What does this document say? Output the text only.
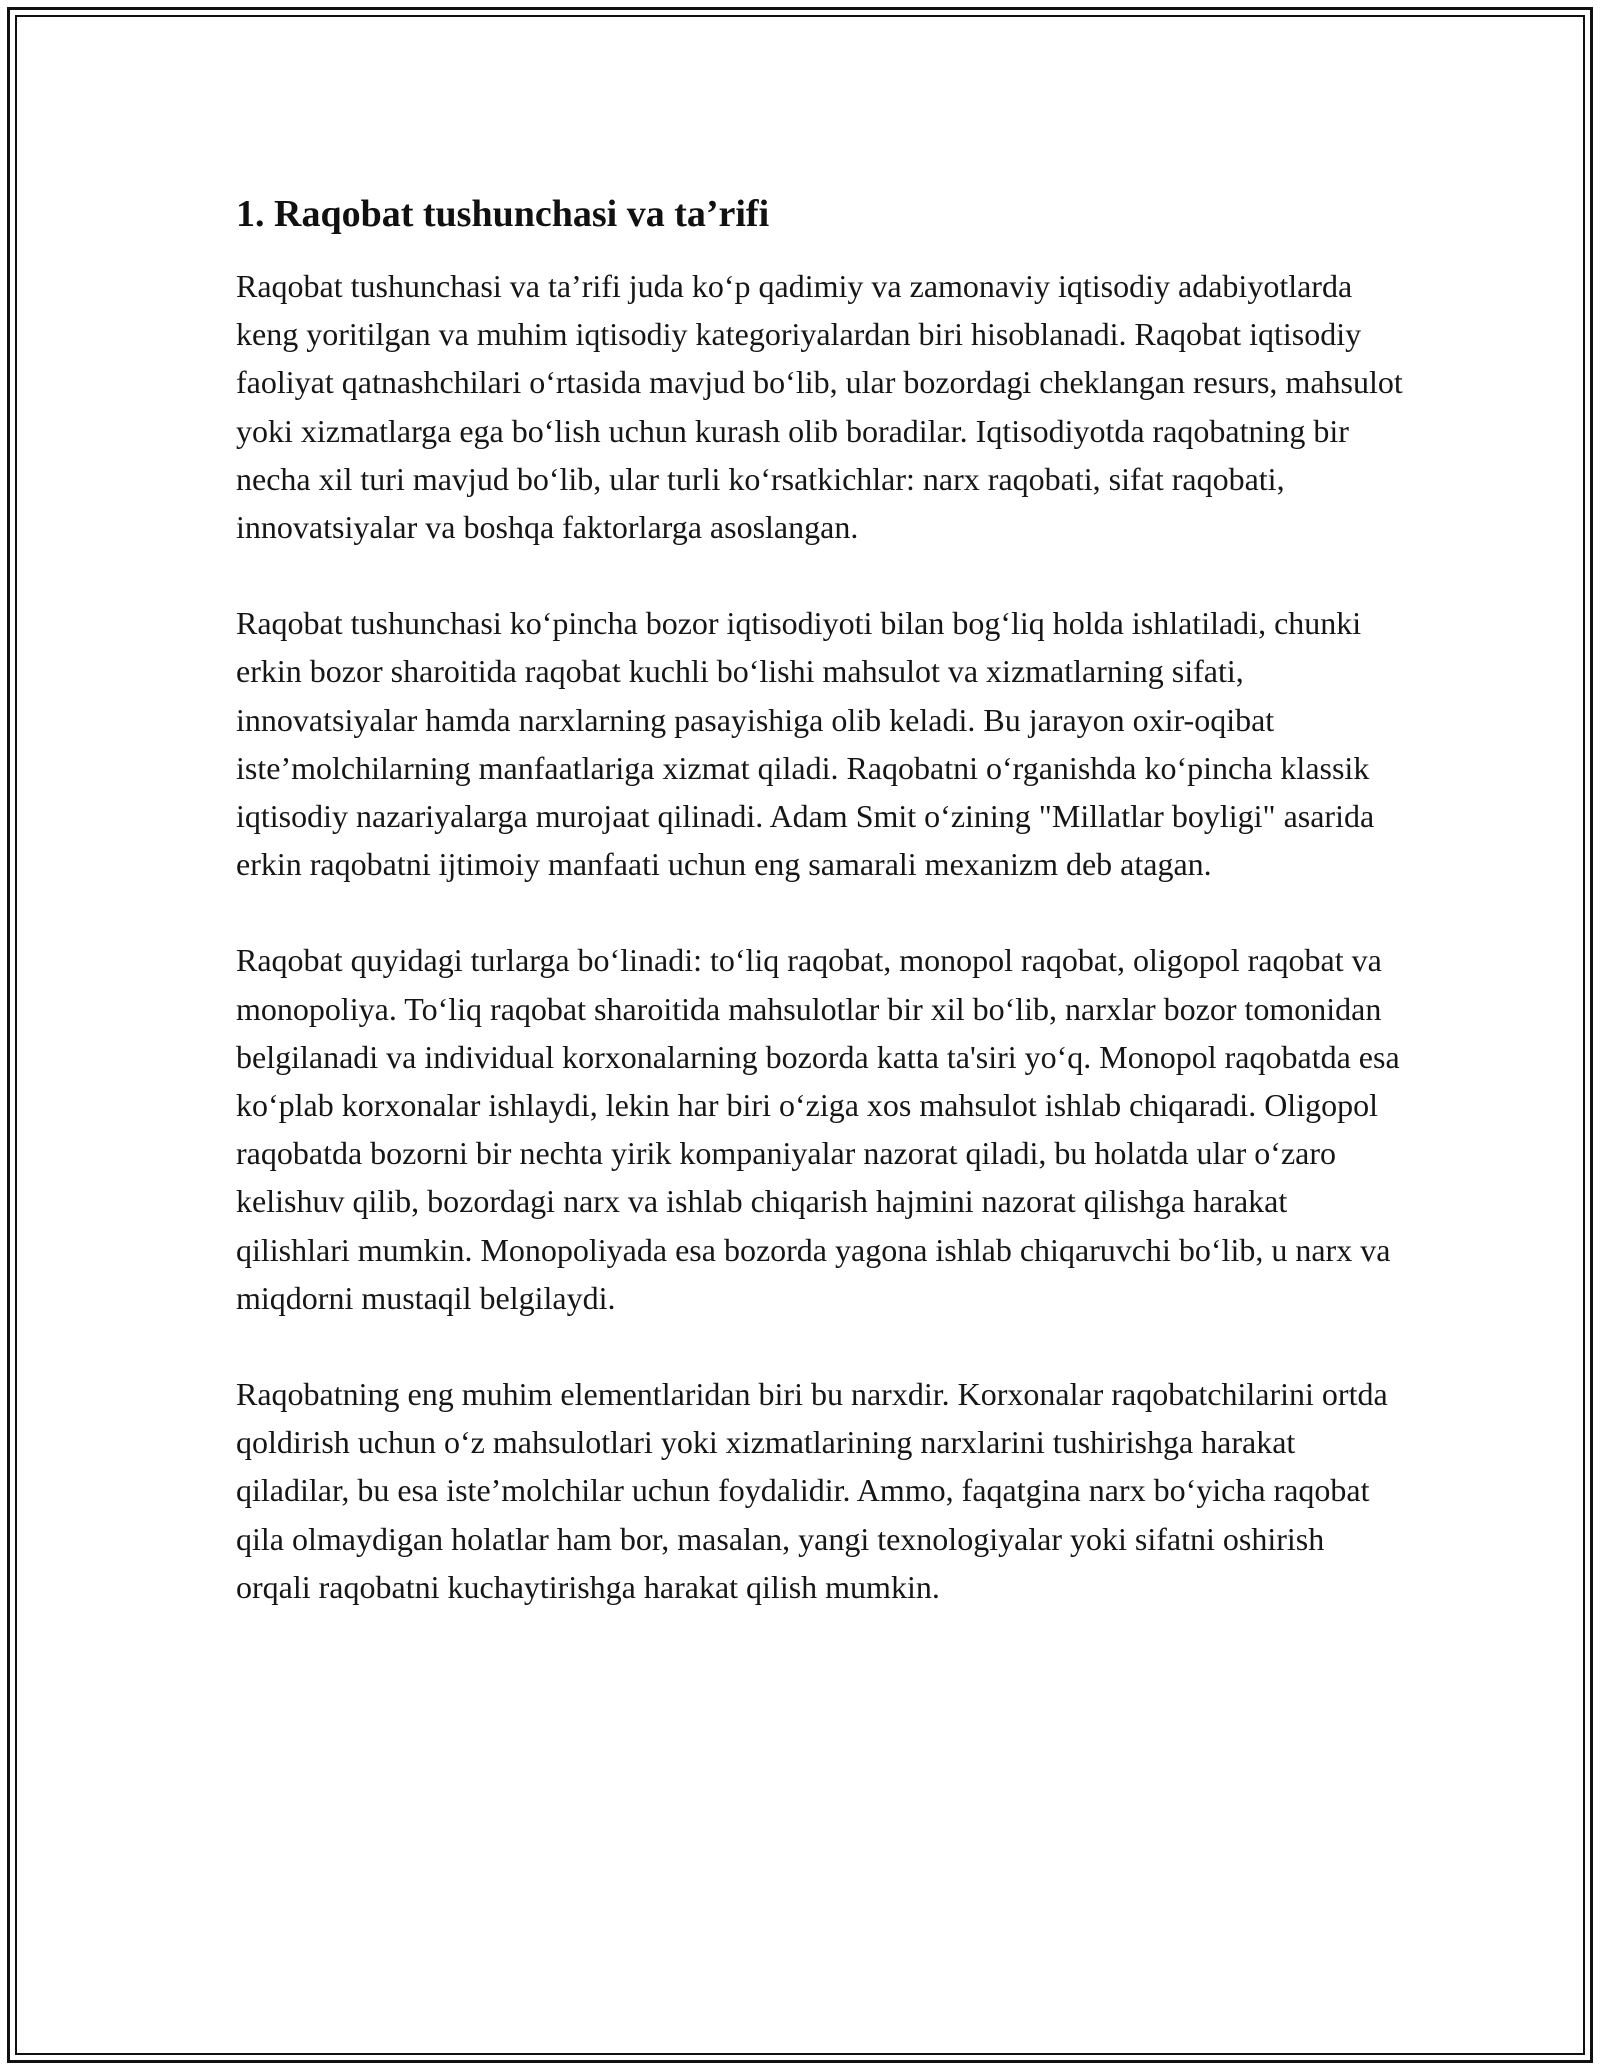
1. Raqobat tushunchasi va ta’rifi

Raqobat tushunchasi va ta’rifi juda ko‘p qadimiy va zamonaviy iqtisodiy adabiyotlarda keng yoritilgan va muhim iqtisodiy kategoriyalardan biri hisoblanadi. Raqobat iqtisodiy faoliyat qatnashchilari o‘rtasida mavjud bo‘lib, ular bozordagi cheklangan resurs, mahsulot yoki xizmatlarga ega bo‘lish uchun kurash olib boradilar. Iqtisodiyotda raqobatning bir necha xil turi mavjud bo‘lib, ular turli ko‘rsatkichlar: narx raqobati, sifat raqobati, innovatsiyalar va boshqa faktorlarga asoslangan.

Raqobat tushunchasi ko‘pincha bozor iqtisodiyoti bilan bog‘liq holda ishlatiladi, chunki erkin bozor sharoitida raqobat kuchli bo‘lishi mahsulot va xizmatlarning sifati, innovatsiyalar hamda narxlarning pasayishiga olib keladi. Bu jarayon oxir-oqibat iste’molchilarning manfaatlariga xizmat qiladi. Raqobatni o‘rganishda ko‘pincha klassik iqtisodiy nazariyalarga murojaat qilinadi. Adam Smit o‘zining "Millatlar boyligi" asarida erkin raqobatni ijtimoiy manfaati uchun eng samarali mexanizm deb atagan.

Raqobat quyidagi turlarga bo‘linadi: to‘liq raqobat, monopol raqobat, oligopol raqobat va monopoliya. To‘liq raqobat sharoitida mahsulotlar bir xil bo‘lib, narxlar bozor tomonidan belgilanadi va individual korxonalarning bozorda katta ta'siri yo‘q. Monopol raqobatda esa ko‘plab korxonalar ishlaydi, lekin har biri o‘ziga xos mahsulot ishlab chiqaradi. Oligopol raqobatda bozorni bir nechta yirik kompaniyalar nazorat qiladi, bu holatda ular o‘zaro kelishuv qilib, bozordagi narx va ishlab chiqarish hajmini nazorat qilishga harakat qilishlari mumkin. Monopoliyada esa bozorda yagona ishlab chiqaruvchi bo‘lib, u narx va miqdorni mustaqil belgilaydi.

Raqobatning eng muhim elementlaridan biri bu narxdir. Korxonalar raqobatchilarini ortda qoldirish uchun o‘z mahsulotlari yoki xizmatlarining narxlarini tushirishga harakat qiladilar, bu esa iste’molchilar uchun foydalidir. Ammo, faqatgina narx bo‘yicha raqobat qila olmaydigan holatlar ham bor, masalan, yangi texnologiyalar yoki sifatni oshirish orqali raqobatni kuchaytirishga harakat qilish mumkin.
